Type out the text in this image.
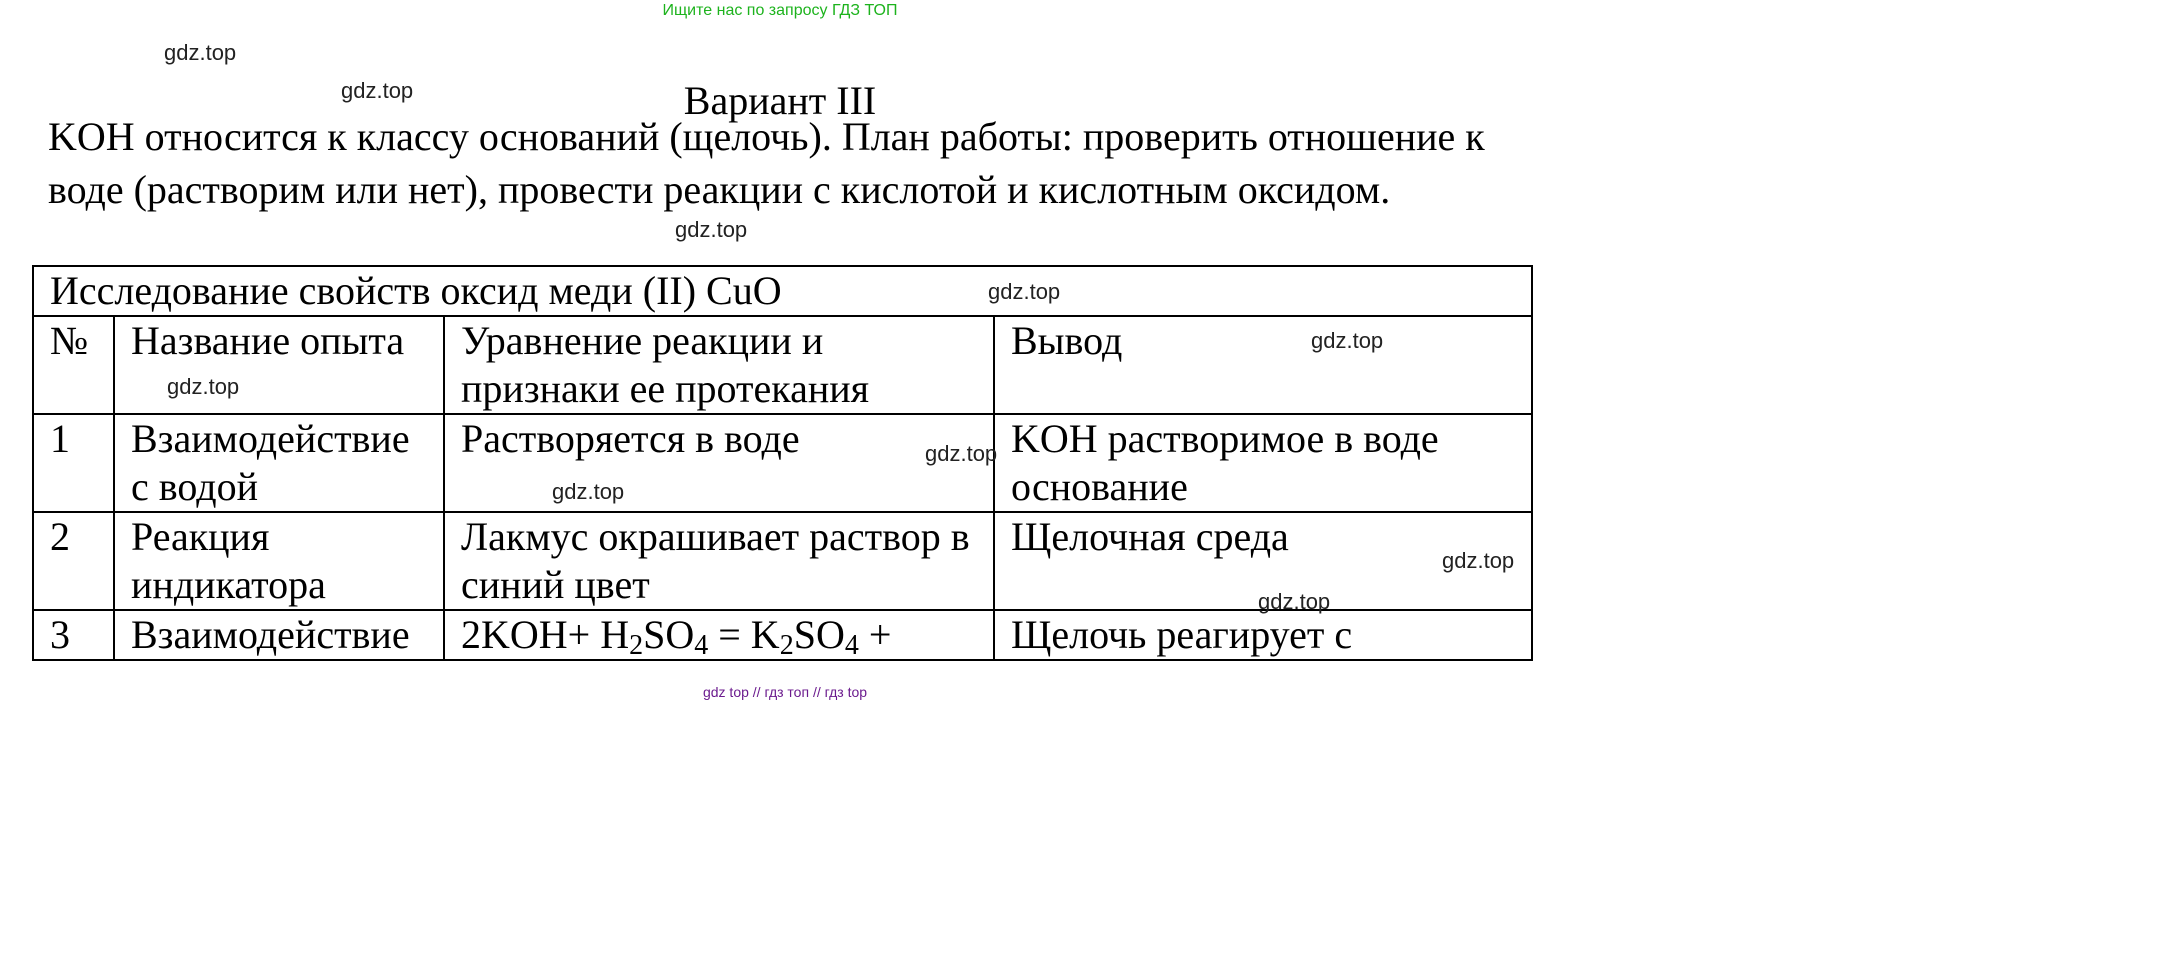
Ищите нас по запросу ГДЗ ТОП
Вариант III

KOH относится к классу оснований (щелочь). План работы: проверить отношение к воде (растворим или нет), провести реакции с кислотой и кислотным оксидом.

Исследование свойств оксид меди (II) CuO			
№	Название опыта	Уравнение реакции и признаки ее протекания	Вывод
1	Взаимодействие с водой	Растворяется в воде	KOH растворимое в воде основание
2	Реакция индикатора	Лакмус окрашивает раствор в синий цвет	Щелочная среда
3	Взаимодействие	$2KOH+ H_2SO_4 = K_2SO_4$ +	Щелочь реагирует с
gdz.top
gdz.top
gdz.top
gdz.top
gdz.top
gdz.top
gdz.top
gdz.top
gdz.top
gdz.top
gdz top // гдз топ // гдз top
